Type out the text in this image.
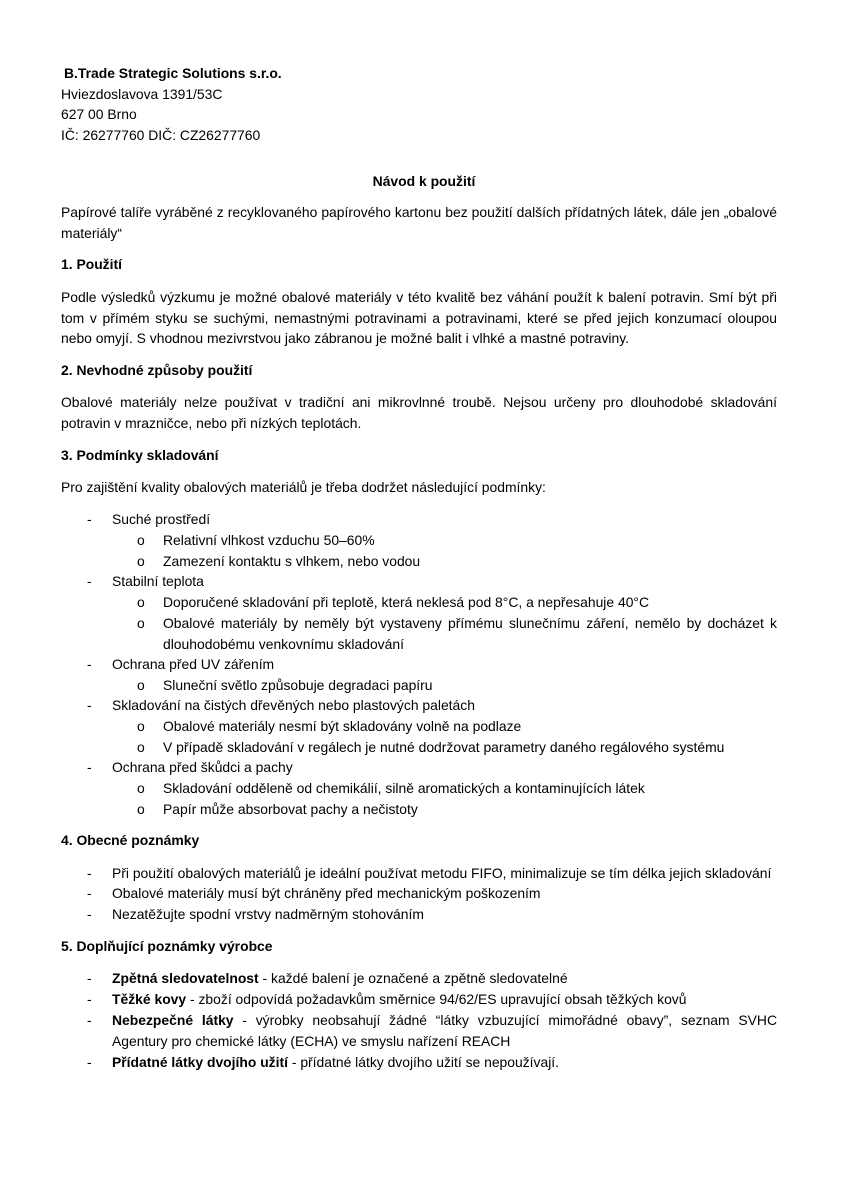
B.Trade Strategic Solutions s.r.o.
Hviezdoslavova 1391/53C
627 00 Brno
IČ: 26277760 DIČ: CZ26277760
Návod k použití
Papírové talíře vyráběné z recyklovaného papírového kartonu bez použití dalších přídatných látek, dále jen „obalové materiály“
1. Použití
Podle výsledků výzkumu je možné obalové materiály v této kvalitě bez váhání použít k balení potravin. Smí být při tom v přímém styku se suchými, nemastnými potravinami a potravinami, které se před jejich konzumací oloupou nebo omyjí. S vhodnou mezivrstvou jako zábranou je možné balit i vlhké a mastné potraviny.
2. Nevhodné způsoby použití
Obalové materiály nelze používat v tradiční ani mikrovlnné troubě. Nejsou určeny pro dlouhodobé skladování potravin v mrazničce, nebo při nízkých teplotách.
3. Podmínky skladování
Pro zajištění kvality obalových materiálů je třeba dodržet následující podmínky:
- Suché prostředí
o Relativní vlhkost vzduchu 50–60%
o Zamezení kontaktu s vlhkem, nebo vodou
- Stabilní teplota
o Doporučené skladování při teplotě, která neklesá pod 8°C, a nepřesahuje 40°C
o Obalové materiály by neměly být vystaveny přímému slunečnímu záření, nemělo by docházet k dlouhodobému venkovnímu skladování
- Ochrana před UV zářením
o Sluneční světlo způsobuje degradaci papíru
- Skladování na čistých dřevěných nebo plastových paletách
o Obalové materiály nesmí být skladovány volně na podlaze
o V případě skladování v regálech je nutné dodržovat parametry daného regálového systému
- Ochrana před škůdci a pachy
o Skladování odděleně od chemikálií, silně aromatických a kontaminujících látek
o Papír může absorbovat pachy a nečistoty
4. Obecné poznámky
- Při použití obalových materiálů je ideální používat metodu FIFO, minimalizuje se tím délka jejich skladování
- Obalové materiály musí být chráněny před mechanickým poškozením
- Nezatěžujte spodní vrstvy nadměrným stohováním
5. Doplňující poznámky výrobce
- Zpětná sledovatelnost - každé balení je označené a zpětně sledovatelné
- Těžké kovy - zboží odpovídá požadavkům směrnice 94/62/ES upravující obsah těžkých kovů
- Nebezpečné látky - výrobky neobsahují žádné “látky vzbuzující mimořádné obavy”, seznam SVHC Agentury pro chemické látky (ECHA) ve smyslu nařízení REACH
- Přídatné látky dvojího užití - přídatné látky dvojího užití se nepoužívají.
